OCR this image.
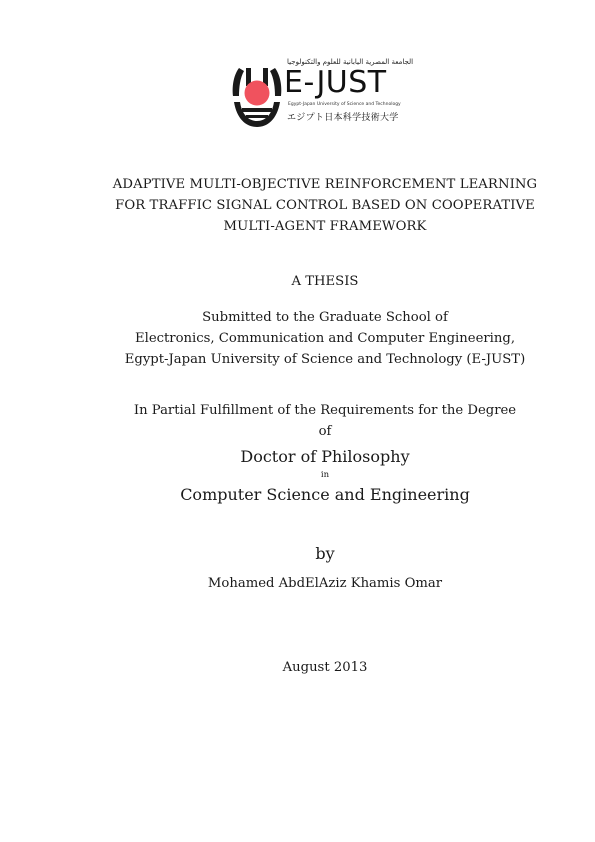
الجامعة المصرية اليابانية للعلوم والتكنولوجيا
E-JUST
Egypt-Japan University of Science and Technology
エジプト日本科学技術大学
ADAPTIVE MULTI-OBJECTIVE REINFORCEMENT LEARNING
FOR TRAFFIC SIGNAL CONTROL BASED ON COOPERATIVE
MULTI-AGENT FRAMEWORK
A THESIS
Submitted to the Graduate School of
Electronics, Communication and Computer Engineering,
Egypt-Japan University of Science and Technology (E-JUST)
In Partial Fulfillment of the Requirements for the Degree
of
Doctor of Philosophy
in
Computer Science and Engineering
by
Mohamed AbdElAziz Khamis Omar
August 2013
